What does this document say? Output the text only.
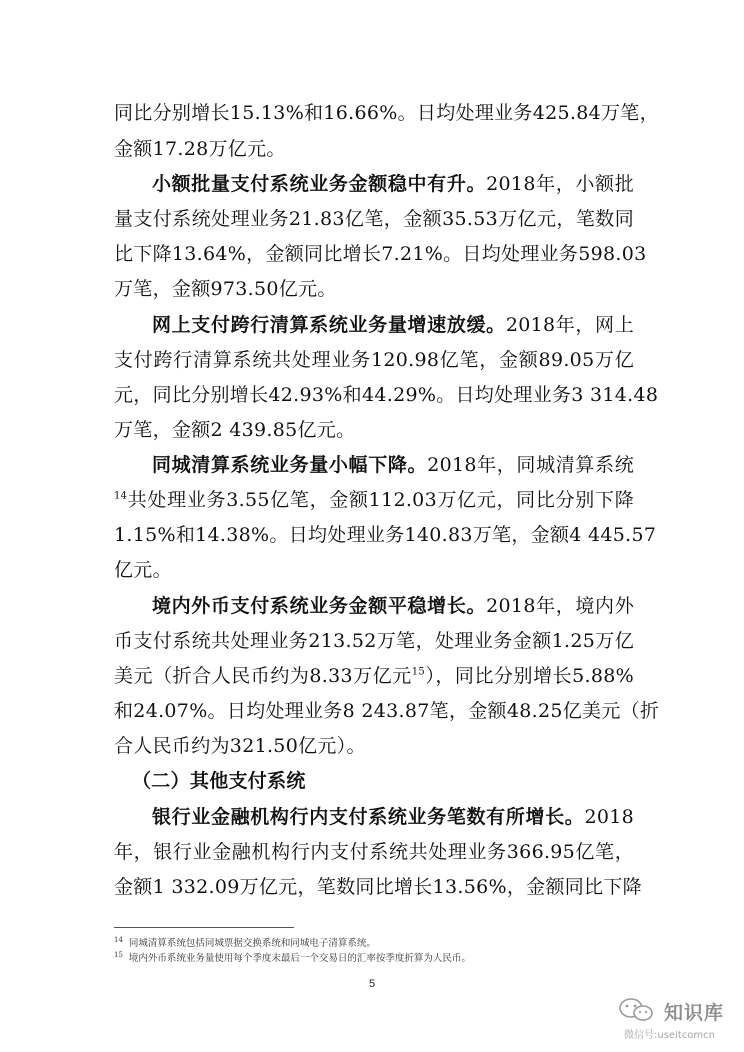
同比分别增长15.13%和16.66%。日均处理业务425.84万笔，
金额17.28万亿元。
小额批量支付系统业务金额稳中有升。2018年，小额批
量支付系统处理业务21.83亿笔，金额35.53万亿元，笔数同
比下降13.64%，金额同比增长7.21%。日均处理业务598.03
万笔，金额973.50亿元。
网上支付跨行清算系统业务量增速放缓。2018年，网上
支付跨行清算系统共处理业务120.98亿笔，金额89.05万亿
元，同比分别增长42.93%和44.29%。日均处理业务3 314.48
万笔，金额2 439.85亿元。
同城清算系统业务量小幅下降。2018年，同城清算系统
$^{14}$共处理业务3.55亿笔，金额112.03万亿元，同比分别下降
1.15%和14.38%。日均处理业务140.83万笔，金额4 445.57
亿元。
境内外币支付系统业务金额平稳增长。2018年，境内外
币支付系统共处理业务213.52万笔，处理业务金额1.25万亿
美元（折合人民币约为8.33万亿元$^{15}$），同比分别增长5.88%
和24.07%。日均处理业务8 243.87笔，金额48.25亿美元（折
合人民币约为321.50亿元）。
（二）其他支付系统
银行业金融机构行内支付系统业务笔数有所增长。2018
年，银行业金融机构行内支付系统共处理业务366.95亿笔，
金额1 332.09万亿元，笔数同比增长13.56%，金额同比下降
$^{14}$ 同城清算系统包括同城票据交换系统和同城电子清算系统。
$^{15}$ 境内外币系统业务量使用每个季度末最后一个交易日的汇率按季度折算为人民币。
5
知识库
微信号:useitcomcn
